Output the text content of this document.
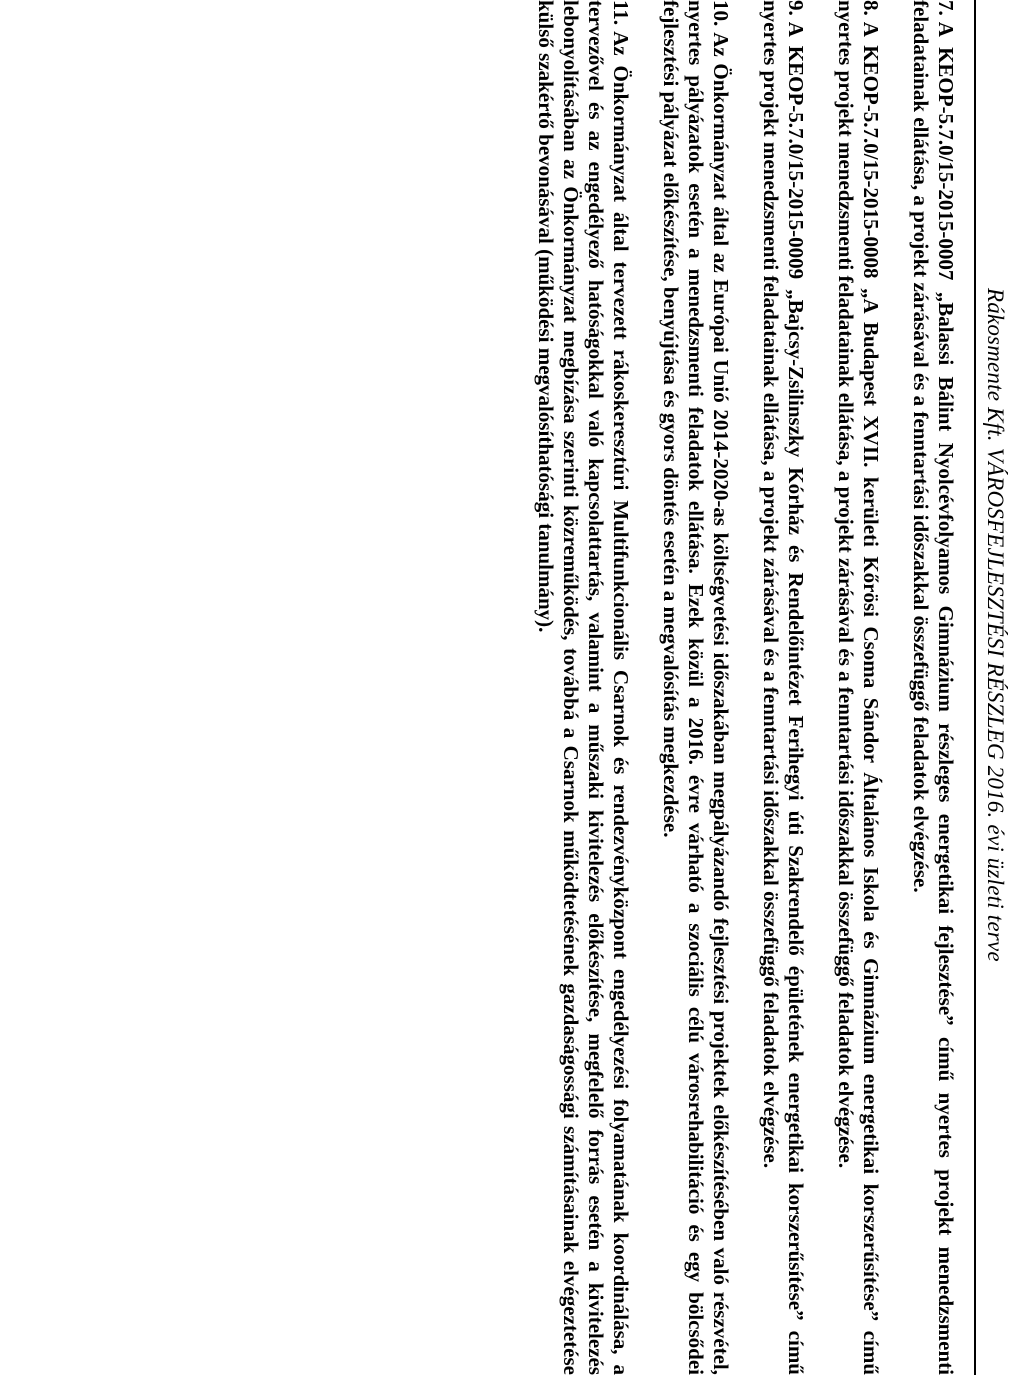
Rákosmente Kft. VÁROSFEJLESZTÉSI RÉSZLEG 2016. évi üzleti terve

7.A KEOP-5.7.0/15-2015-0007 „Balassi Bálint Nyolcévfolyamos Gimnázium részleges energetikai fejlesztése” című nyertes projekt menedzsmenti feladatainak ellátása, a projekt zárásával és a fenntartási időszakkal összefüggő feladatok elvégzése.

8.A KEOP-5.7.0/15-2015-0008 „A Budapest XVII. kerületi Kőrösi Csoma Sándor Általános Iskola és Gimnázium energetikai korszerűsítése” című nyertes projekt menedzsmenti feladatainak ellátása, a projekt zárásával és a fenntartási időszakkal összefüggő feladatok elvégzése.

9.A KEOP-5.7.0/15-2015-0009 „Bajcsy-Zsilinszky Kórház és Rendelőintézet Ferihegyi úti Szakrendelő épületének energetikai korszerűsítése” című nyertes projekt menedzsmenti feladatainak ellátása, a projekt zárásával és a fenntartási időszakkal összefüggő feladatok elvégzése.

10.Az Önkormányzat által az Európai Unió 2014-2020-as költségvetési időszakában megpályázandó fejlesztési projektek előkészítésében való részvétel, nyertes pályázatok esetén a menedzsmenti feladatok ellátása. Ezek közül a 2016. évre várható a szociális célú városrehabilitáció és egy bölcsődei fejlesztési pályázat előkészítése, benyújtása és gyors döntés esetén a megvalósítás megkezdése.

11.Az Önkormányzat által tervezett rákoskeresztúri Multifunkcionális Csarnok és rendezvényközpont engedélyezési folyamatának koordinálása, a tervezővel és az engedélyező hatóságokkal való kapcsolattartás, valamint a műszaki kivitelezés előkészítése, megfelelő forrás esetén a kivitelezés lebonyolításában az Önkormányzat megbízása szerinti közreműködés, továbbá a Csarnok működtetésének gazdaságossági számításainak elvégeztetése külső szakértő bevonásával (működési megvalósíthatósági tanulmány).
